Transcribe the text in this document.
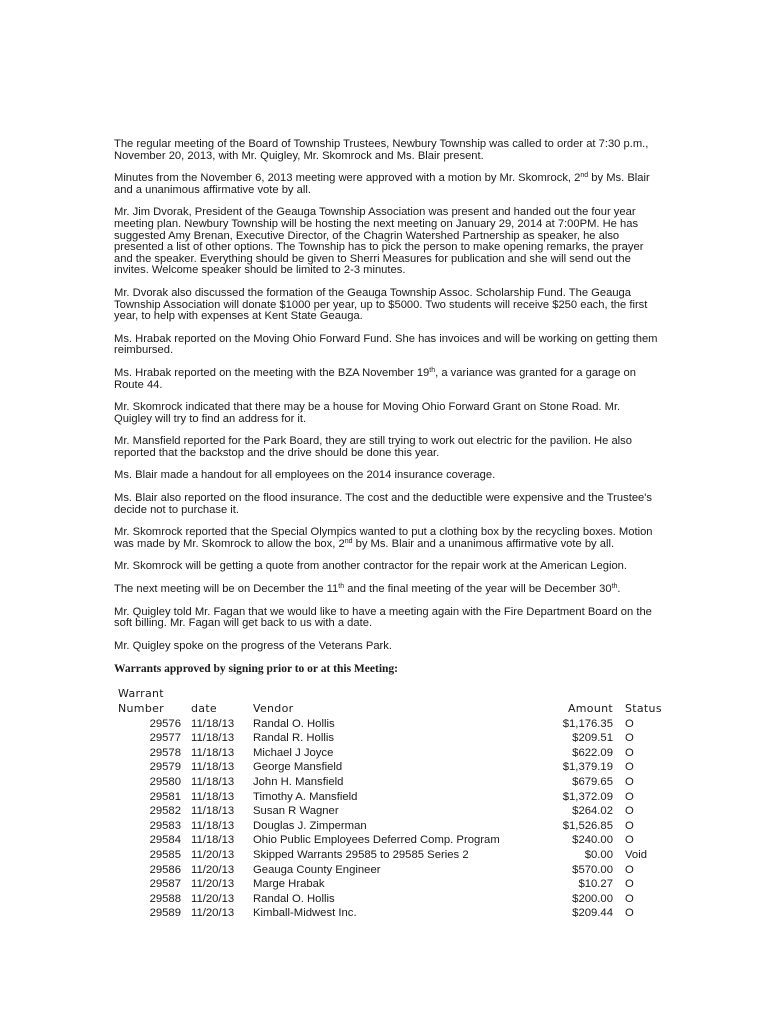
The regular meeting of the Board of Township Trustees, Newbury Township was called to order at 7:30 p.m., November 20, 2013, with Mr. Quigley, Mr. Skomrock and Ms. Blair present.

Minutes from the November 6, 2013 meeting were approved with a motion by Mr. Skomrock, 2nd by Ms. Blair and a unanimous affirmative vote by all.

Mr. Jim Dvorak, President of the Geauga Township Association was present and handed out the four year meeting plan. Newbury Township will be hosting the next meeting on January 29, 2014 at 7:00PM. He has suggested Amy Brenan, Executive Director, of the Chagrin Watershed Partnership as speaker, he also presented a list of other options. The Township has to pick the person to make opening remarks, the prayer and the speaker. Everything should be given to Sherri Measures for publication and she will send out the invites. Welcome speaker should be limited to 2-3 minutes.

Mr. Dvorak also discussed the formation of the Geauga Township Assoc. Scholarship Fund. The Geauga Township Association will donate $1000 per year, up to $5000. Two students will receive $250 each, the first year, to help with expenses at Kent State Geauga.

Ms. Hrabak reported on the Moving Ohio Forward Fund. She has invoices and will be working on getting them reimbursed.

Ms. Hrabak reported on the meeting with the BZA November 19th, a variance was granted for a garage on Route 44.

Mr. Skomrock indicated that there may be a house for Moving Ohio Forward Grant on Stone Road. Mr. Quigley will try to find an address for it.

Mr. Mansfield reported for the Park Board, they are still trying to work out electric for the pavilion. He also reported that the backstop and the drive should be done this year.

Ms. Blair made a handout for all employees on the 2014 insurance coverage.

Ms. Blair also reported on the flood insurance. The cost and the deductible were expensive and the Trustee's decide not to purchase it.

Mr. Skomrock reported that the Special Olympics wanted to put a clothing box by the recycling boxes. Motion was made by Mr. Skomrock to allow the box, 2nd by Ms. Blair and a unanimous affirmative vote by all.

Mr. Skomrock will be getting a quote from another contractor for the repair work at the American Legion.

The next meeting will be on December the 11th and the final meeting of the year will be December 30th.

Mr. Quigley told Mr. Fagan that we would like to have a meeting again with the Fire Department Board on the soft billing. Mr. Fagan will get back to us with a date.

Mr. Quigley spoke on the progress of the Veterans Park.

Warrants approved by signing prior to or at this Meeting:
Warrant				
Number	date	Vendor	Amount	Status
29576	11/18/13	Randal O. Hollis	$1,176.35	O
29577	11/18/13	Randal R. Hollis	$209.51	O
29578	11/18/13	Michael J Joyce	$622.09	O
29579	11/18/13	George Mansfield	$1,379.19	O
29580	11/18/13	John H. Mansfield	$679.65	O
29581	11/18/13	Timothy A. Mansfield	$1,372.09	O
29582	11/18/13	Susan R Wagner	$264.02	O
29583	11/18/13	Douglas J. Zimperman	$1,526.85	O
29584	11/18/13	Ohio Public Employees Deferred Comp. Program	$240.00	O
29585	11/20/13	Skipped Warrants 29585 to 29585 Series 2	$0.00	Void
29586	11/20/13	Geauga County Engineer	$570.00	O
29587	11/20/13	Marge Hrabak	$10.27	O
29588	11/20/13	Randal O. Hollis	$200.00	O
29589	11/20/13	Kimball-Midwest Inc.	$209.44	O
